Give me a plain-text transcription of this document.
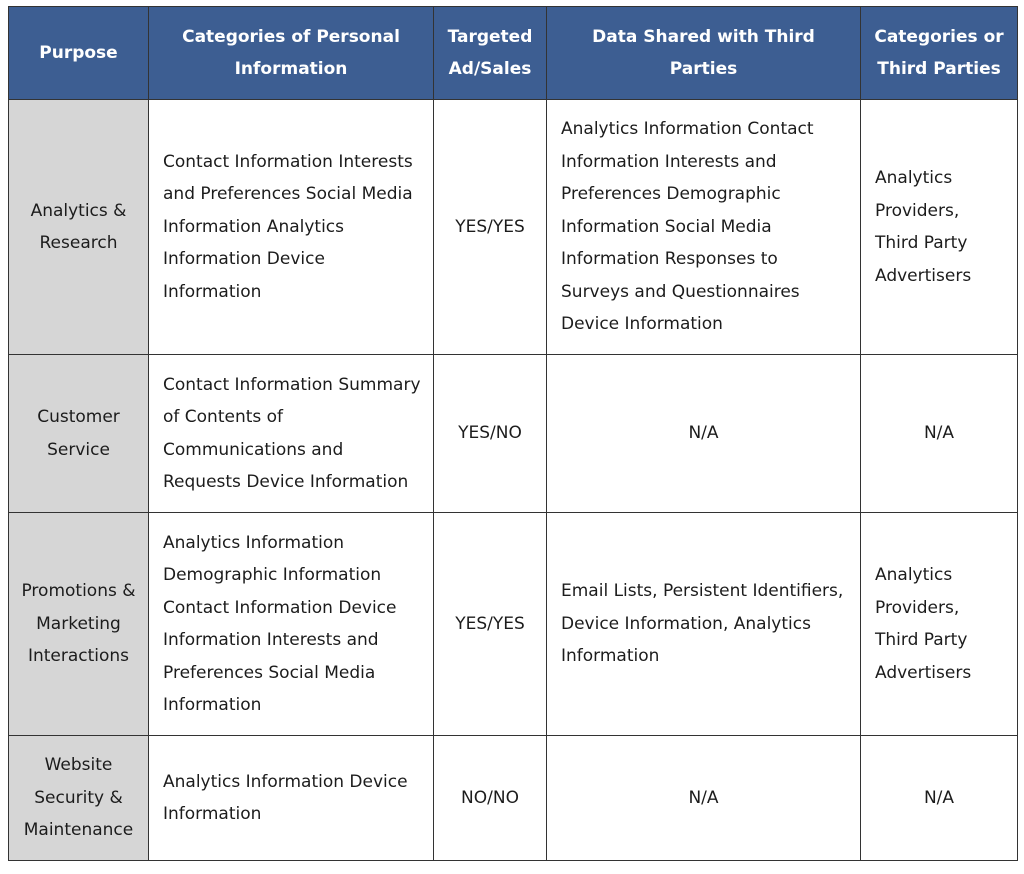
Purpose	Categories of Personal Information	Targeted Ad/Sales	Data Shared with Third Parties	Categories or Third Parties
Analytics & Research	Contact Information Interests and Preferences Social Media Information Analytics Information Device Information	YES/YES	Analytics Information Contact Information Interests and Preferences Demographic Information Social Media Information Responses to Surveys and Questionnaires Device Information	Analytics Providers, Third Party Advertisers
Customer Service	Contact Information Summary of Contents of Communications and Requests Device Information	YES/NO	N/A	N/A
Promotions & Marketing Interactions	Analytics Information Demographic Information Contact Information Device Information Interests and Preferences Social Media Information	YES/YES	Email Lists, Persistent Identifiers, Device Information, Analytics Information	Analytics Providers, Third Party Advertisers
Website Security & Maintenance	Analytics Information Device Information	NO/NO	N/A	N/A
